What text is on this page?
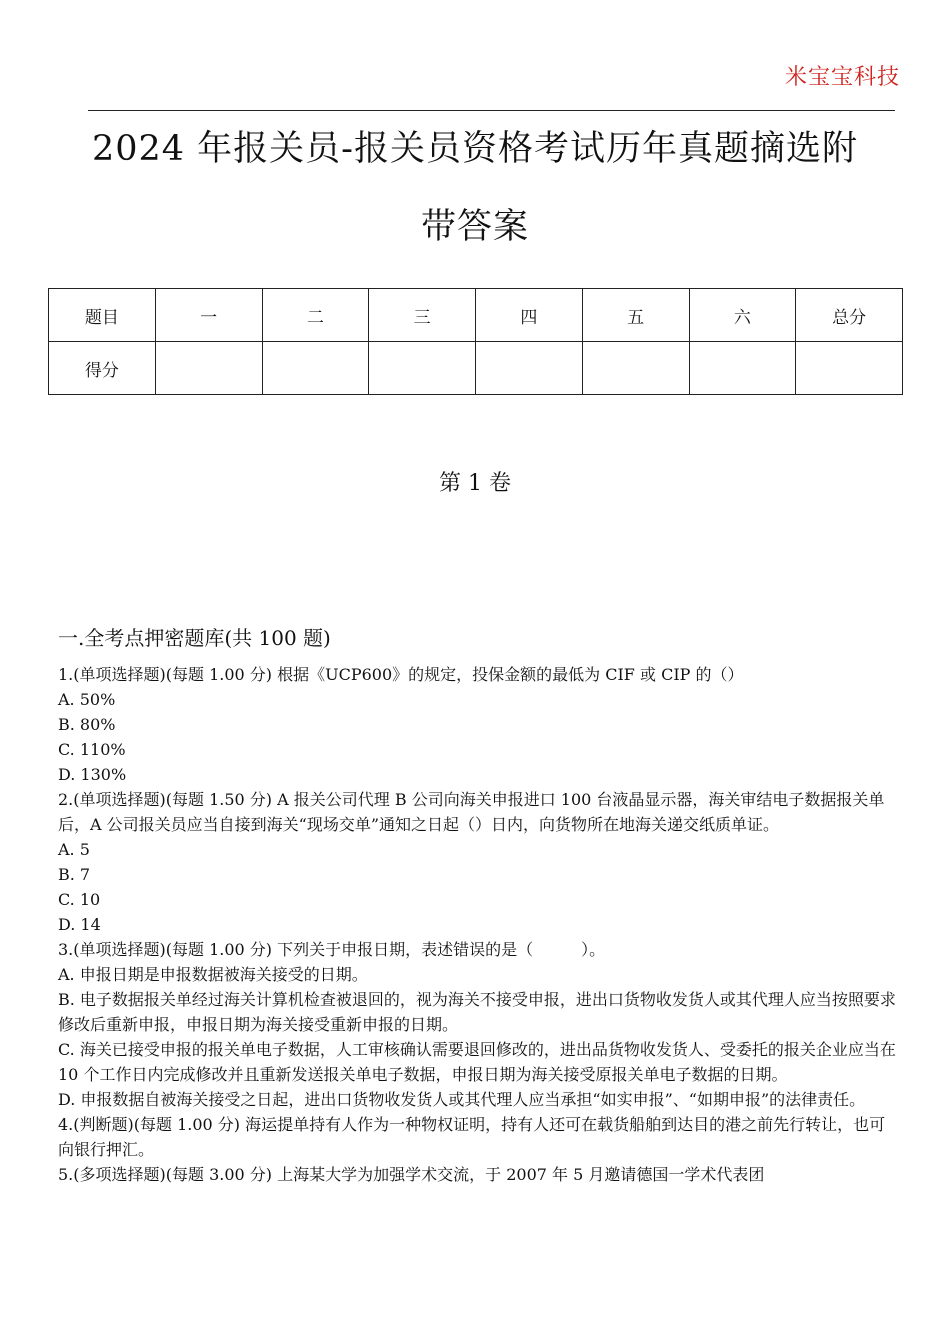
米宝宝科技
2024 年报关员-报关员资格考试历年真题摘选附
带答案
题目	一	二	三	四	五	六	总分
得分							
第 1 卷
一.全考点押密题库(共 100 题)

1.(单项选择题)(每题 1.00 分) 根据《UCP600》的规定，投保金额的最低为 CIF 或 CIP 的（）

A. 50%

B. 80%

C. 110%

D. 130%

2.(单项选择题)(每题 1.50 分) A 报关公司代理 B 公司向海关申报进口 100 台液晶显示器，海关审结电子数据报关单后，A 公司报关员应当自接到海关“现场交单”通知之日起（）日内，向货物所在地海关递交纸质单证。

A. 5

B. 7

C. 10

D. 14

3.(单项选择题)(每题 1.00 分) 下列关于申报日期，表述错误的是（　　　）。

A. 申报日期是申报数据被海关接受的日期。

B. 电子数据报关单经过海关计算机检查被退回的，视为海关不接受申报，进出口货物收发货人或其代理人应当按照要求修改后重新申报，申报日期为海关接受重新申报的日期。

C. 海关已接受申报的报关单电子数据，人工审核确认需要退回修改的，进出品货物收发货人、受委托的报关企业应当在 10 个工作日内完成修改并且重新发送报关单电子数据，申报日期为海关接受原报关单电子数据的日期。

D. 申报数据自被海关接受之日起，进出口货物收发货人或其代理人应当承担“如实申报”、“如期申报”的法律责任。

4.(判断题)(每题 1.00 分) 海运提单持有人作为一种物权证明，持有人还可在载货船舶到达目的港之前先行转让，也可 向银行押汇。

5.(多项选择题)(每题 3.00 分) 上海某大学为加强学术交流，于 2007 年 5 月邀请德国一学术代表团
